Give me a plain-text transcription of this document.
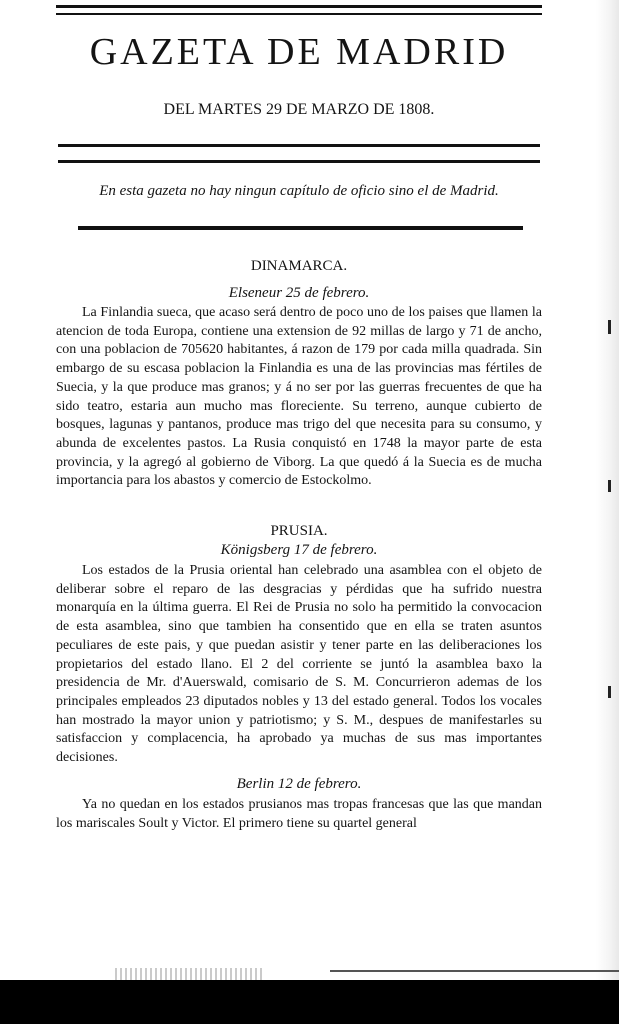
GAZETA DE MADRID
DEL MARTES 29 DE MARZO DE 1808.
En esta gazeta no hay ningun capítulo de oficio sino el de Madrid.
DINAMARCA.
Elseneur 25 de febrero.

La Finlandia sueca, que acaso será dentro de poco uno de los paises que llamen la atencion de toda Europa, contiene una extension de 92 millas de largo y 71 de ancho, con una poblacion de 705620 habitantes, á razon de 179 por cada milla quadrada. Sin embargo de su escasa poblacion la Finlandia es una de las provincias mas fértiles de Suecia, y la que produce mas granos; y á no ser por las guerras frecuentes de que ha sido teatro, estaria aun mucho mas floreciente. Su terreno, aunque cubierto de bosques, lagunas y pantanos, produce mas trigo del que necesita para su consumo, y abunda de excelentes pastos. La Rusia conquistó en 1748 la mayor parte de esta provincia, y la agregó al gobierno de Viborg. La que quedó á la Suecia es de mucha importancia para los abastos y comercio de Estockolmo.

PRUSIA.
Königsberg 17 de febrero.

Los estados de la Prusia oriental han celebrado una asamblea con el objeto de deliberar sobre el reparo de las desgracias y pérdidas que ha sufrido nuestra monarquía en la última guerra. El Rei de Prusia no solo ha permitido la convocacion de esta asamblea, sino que tambien ha consentido que en ella se traten asuntos peculiares de este pais, y que puedan asistir y tener parte en las deliberaciones los propietarios del estado llano. El 2 del corriente se juntó la asamblea baxo la presidencia de Mr. d'Auerswald, comisario de S. M. Concurrieron ademas de los principales empleados 23 diputados nobles y 13 del estado general. Todos los vocales han mostrado la mayor union y patriotismo; y S. M., despues de manifestarles su satisfaccion y complacencia, ha aprobado ya muchas de sus mas importantes decisiones.

Berlin 12 de febrero.

Ya no quedan en los estados prusianos mas tropas francesas que las que mandan los mariscales Soult y Victor. El primero tiene su quartel general
